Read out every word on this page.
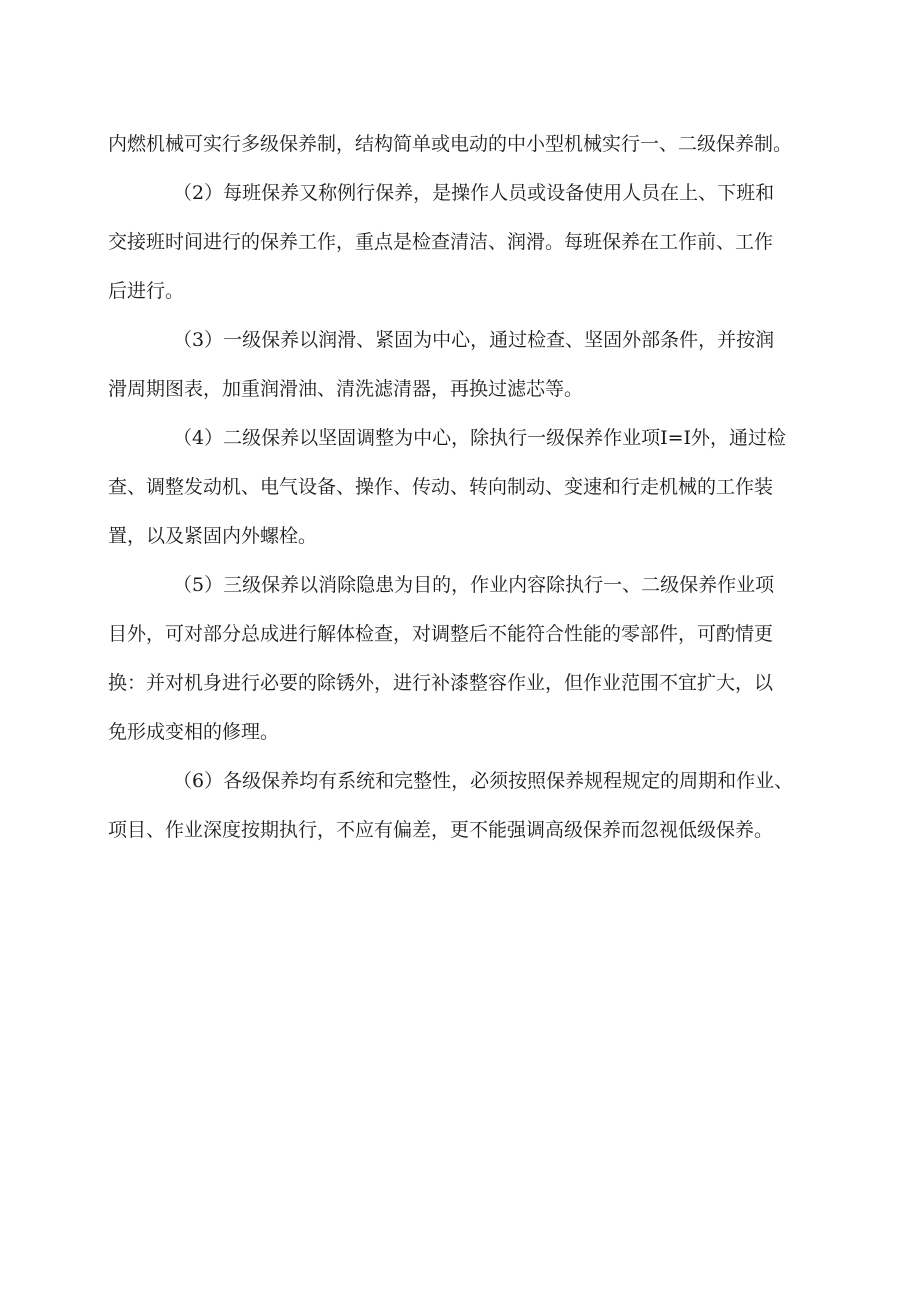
内燃机械可实行多级保养制，结构简单或电动的中小型机械实行一、二级保养制。
（2）每班保养又称例行保养，是操作人员或设备使用人员在上、下班和
交接班时间进行的保养工作，重点是检查清洁、润滑。每班保养在工作前、工作
后进行。
（3）一级保养以润滑、紧固为中心，通过检查、坚固外部条件，并按润
滑周期图表，加重润滑油、清洗滤清器，再换过滤芯等。
（4）二级保养以坚固调整为中心，除执行一级保养作业项I=I外，通过检
查、调整发动机、电气设备、操作、传动、转向制动、变速和行走机械的工作装
置，以及紧固内外螺栓。
（5）三级保养以消除隐患为目的，作业内容除执行一、二级保养作业项
目外，可对部分总成进行解体检查，对调整后不能符合性能的零部件，可酌情更
换：并对机身进行必要的除锈外，进行补漆整容作业，但作业范围不宜扩大，以
免形成变相的修理。
（6）各级保养均有系统和完整性，必须按照保养规程规定的周期和作业、
项目、作业深度按期执行，不应有偏差，更不能强调高级保养而忽视低级保养。
